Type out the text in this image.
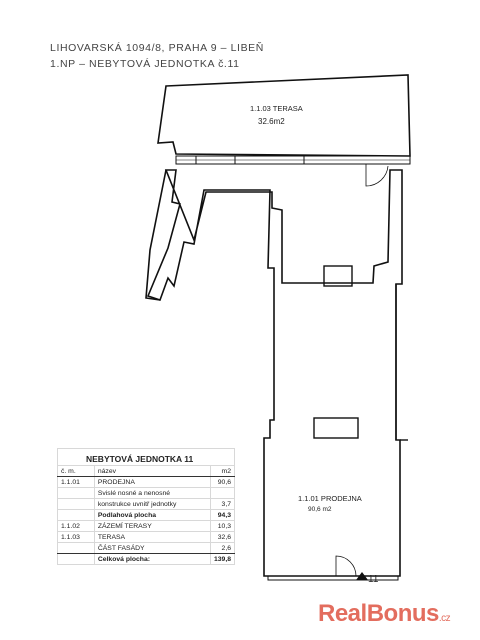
LIHOVARSKÁ 1094/8, PRAHA 9 – LIBEŇ
1.NP – NEBYTOVÁ JEDNOTKA č.11
1.1.03 TERASA
32.6m2
1.1.01 PRODEJNA
90,6 m2
11
NEBYTOVÁ JEDNOTKA 11		
č. m.	název	m2
1.1.01	PRODEJNA	90,6
	Svislé nosné a nenosné	
	konstrukce uvnitř jednotky	3,7
	Podlahová plocha	94,3
1.1.02	ZÁZEMÍ TERASY	10,3
1.1.03	TERASA	32,6
	ČÁST FASÁDY	2,6
	Celková plocha:	139,8
RealBonus.cz
